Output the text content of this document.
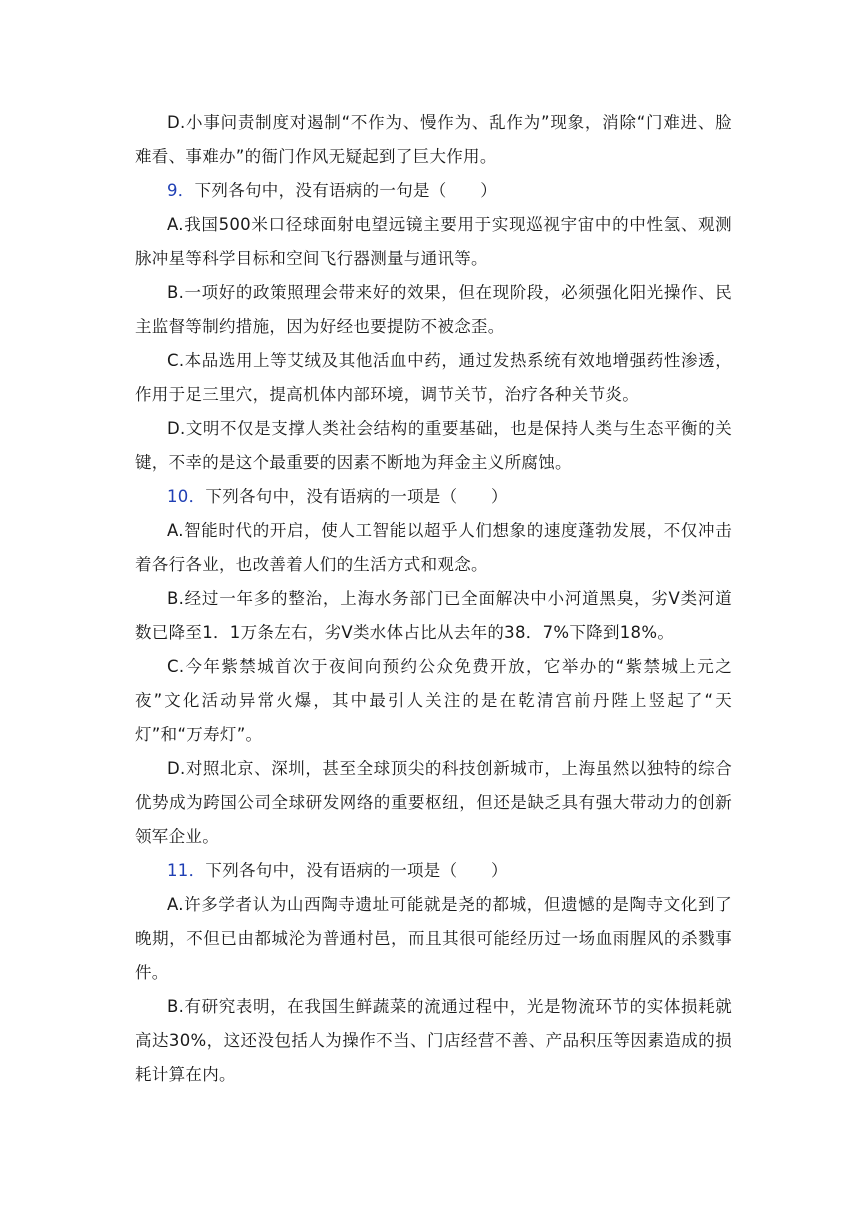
D.小事问责制度对遏制“不作为、慢作为、乱作为”现象，消除“门难进、脸难看、事难办”的衙门作风无疑起到了巨大作用。

9．下列各句中，没有语病的一句是（　　）

A.我国500米口径球面射电望远镜主要用于实现巡视宇宙中的中性氢、观测脉冲星等科学目标和空间飞行器测量与通讯等。

B.一项好的政策照理会带来好的效果，但在现阶段，必须强化阳光操作、民主监督等制约措施，因为好经也要提防不被念歪。

C.本品选用上等艾绒及其他活血中药，通过发热系统有效地增强药性渗透，作用于足三里穴，提高机体内部环境，调节关节，治疗各种关节炎。

D.文明不仅是支撑人类社会结构的重要基础，也是保持人类与生态平衡的关键，不幸的是这个最重要的因素不断地为拜金主义所腐蚀。

10．下列各句中，没有语病的一项是（　　）

A.智能时代的开启，使人工智能以超乎人们想象的速度蓬勃发展，不仅冲击着各行各业，也改善着人们的生活方式和观念。

B.经过一年多的整治，上海水务部门已全面解决中小河道黑臭，劣Ⅴ类河道数已降至1．1万条左右，劣Ⅴ类水体占比从去年的38．7%下降到18%。

C.今年紫禁城首次于夜间向预约公众免费开放，它举办的“紫禁城上元之夜”文化活动异常火爆，其中最引人关注的是在乾清宫前丹陛上竖起了“天灯”和“万寿灯”。

D.对照北京、深圳，甚至全球顶尖的科技创新城市，上海虽然以独特的综合优势成为跨国公司全球研发网络的重要枢纽，但还是缺乏具有强大带动力的创新领军企业。

11．下列各句中，没有语病的一项是（　　）

A.许多学者认为山西陶寺遗址可能就是尧的都城，但遗憾的是陶寺文化到了晚期，不但已由都城沦为普通村邑，而且其很可能经历过一场血雨腥风的杀戮事件。

B.有研究表明，在我国生鲜蔬菜的流通过程中，光是物流环节的实体损耗就高达30%，这还没包括人为操作不当、门店经营不善、产品积压等因素造成的损耗计算在内。
